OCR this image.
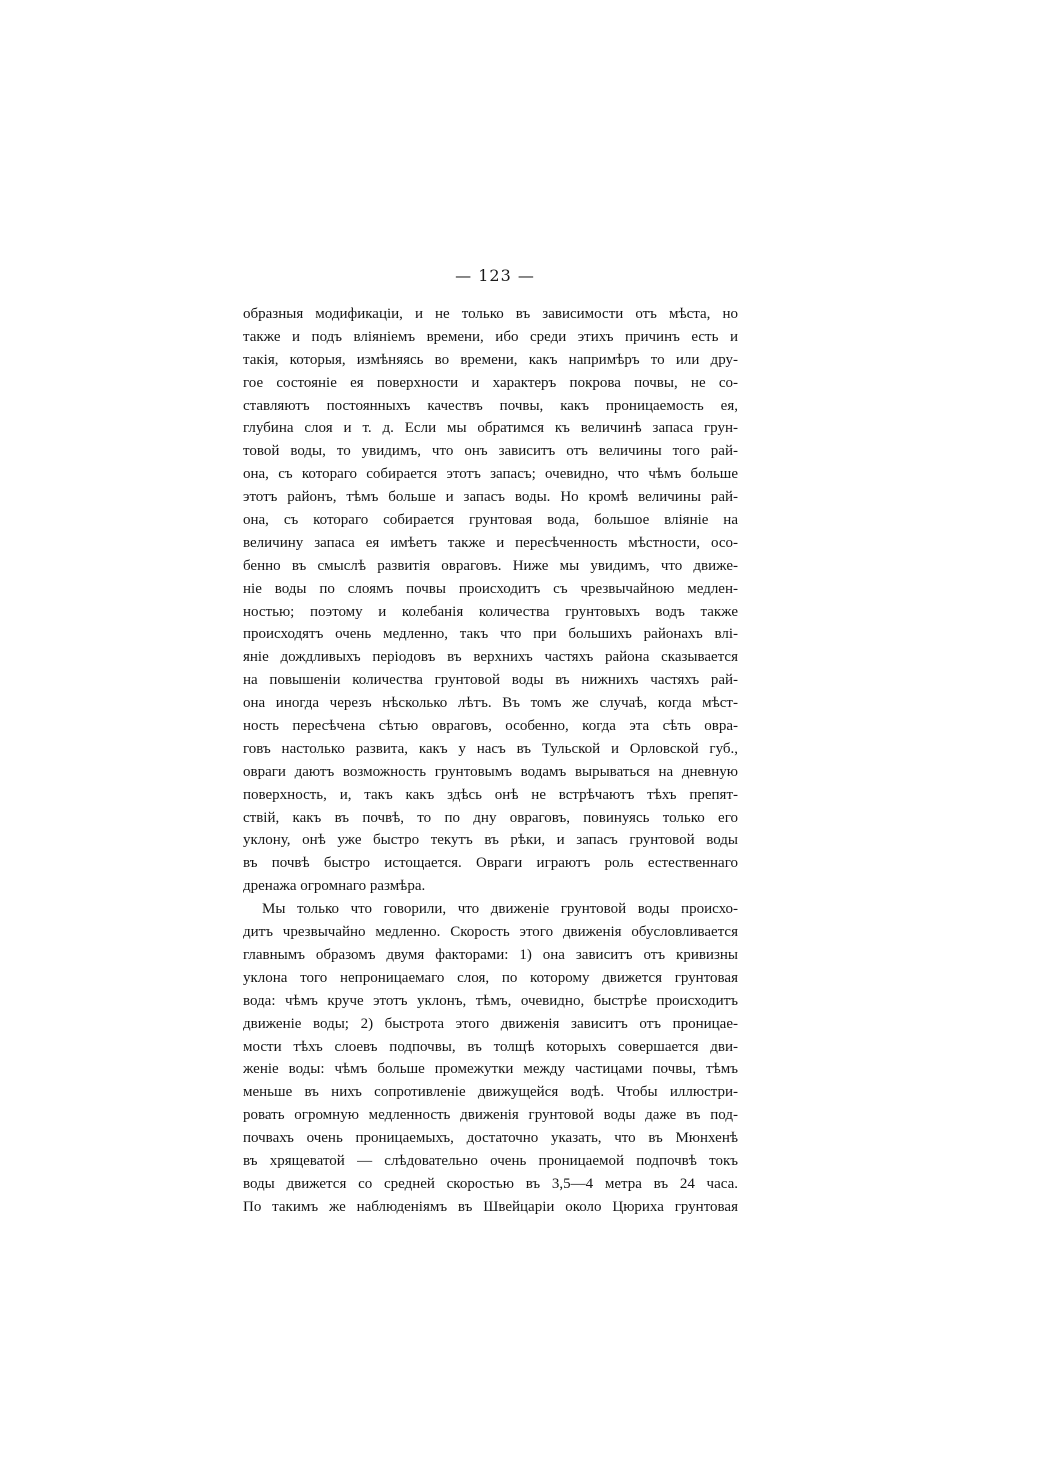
— 123 —
образныя модификаціи, и не только въ зависимости отъ мѣста, но
также и подъ вліяніемъ времени, ибо среди этихъ причинъ есть и
такія, которыя, измѣняясь во времени, какъ напримѣръ то или дру-
гое состояніе ея поверхности и характеръ покрова почвы, не со-
ставляютъ постоянныхъ качествъ почвы, какъ проницаемость ея,
глубина слоя и т. д. Если мы обратимся къ величинѣ запаса грун-
товой воды, то увидимъ, что онъ зависитъ отъ величины того рай-
она, съ котораго собирается этотъ запасъ; очевидно, что чѣмъ больше
этотъ районъ, тѣмъ больше и запасъ воды. Но кромѣ величины рай-
она, съ котораго собирается грунтовая вода, большое вліяніе на
величину запаса ея имѣетъ также и пересѣченность мѣстности, осо-
бенно въ смыслѣ развитія овраговъ. Ниже мы увидимъ, что движе-
ніе воды по слоямъ почвы происходитъ съ чрезвычайною медлен-
ностью; поэтому и колебанія количества грунтовыхъ водъ также
происходятъ очень медленно, такъ что при большихъ районахъ влі-
яніе дождливыхъ періодовъ въ верхнихъ частяхъ района сказывается
на повышеніи количества грунтовой воды въ нижнихъ частяхъ рай-
она иногда черезъ нѣсколько лѣтъ. Въ томъ же случаѣ, когда мѣст-
ность пересѣчена сѣтью овраговъ, особенно, когда эта сѣть овра-
говъ настолько развита, какъ у насъ въ Тульской и Орловской губ.,
овраги даютъ возможность грунтовымъ водамъ вырываться на дневную
поверхность, и, такъ какъ здѣсь онѣ не встрѣчаютъ тѣхъ препят-
ствій, какъ въ почвѣ, то по дну овраговъ, повинуясь только его
уклону, онѣ уже быстро текутъ въ рѣки, и запасъ грунтовой воды
въ почвѣ быстро истощается. Овраги играютъ роль естественнаго
дренажа огромнаго размѣра.
Мы только что говорили, что движеніе грунтовой воды происхо-
дитъ чрезвычайно медленно. Скорость этого движенія обусловливается
главнымъ образомъ двумя факторами: 1) она зависитъ отъ кривизны
уклона того непроницаемаго слоя, по которому движется грунтовая
вода: чѣмъ круче этотъ уклонъ, тѣмъ, очевидно, быстрѣе происходитъ
движеніе воды; 2) быстрота этого движенія зависитъ отъ проницае-
мости тѣхъ слоевъ подпочвы, въ толщѣ которыхъ совершается дви-
женіе воды: чѣмъ больше промежутки между частицами почвы, тѣмъ
меньше въ нихъ сопротивленіе движущейся водѣ. Чтобы иллюстри-
ровать огромную медленность движенія грунтовой воды даже въ под-
почвахъ очень проницаемыхъ, достаточно указать, что въ Мюнхенѣ
въ хрящеватой — слѣдовательно очень проницаемой подпочвѣ токъ
воды движется со средней скоростью въ 3,5—4 метра въ 24 часа.
По такимъ же наблюденіямъ въ Швейцаріи около Цюриха грунтовая
